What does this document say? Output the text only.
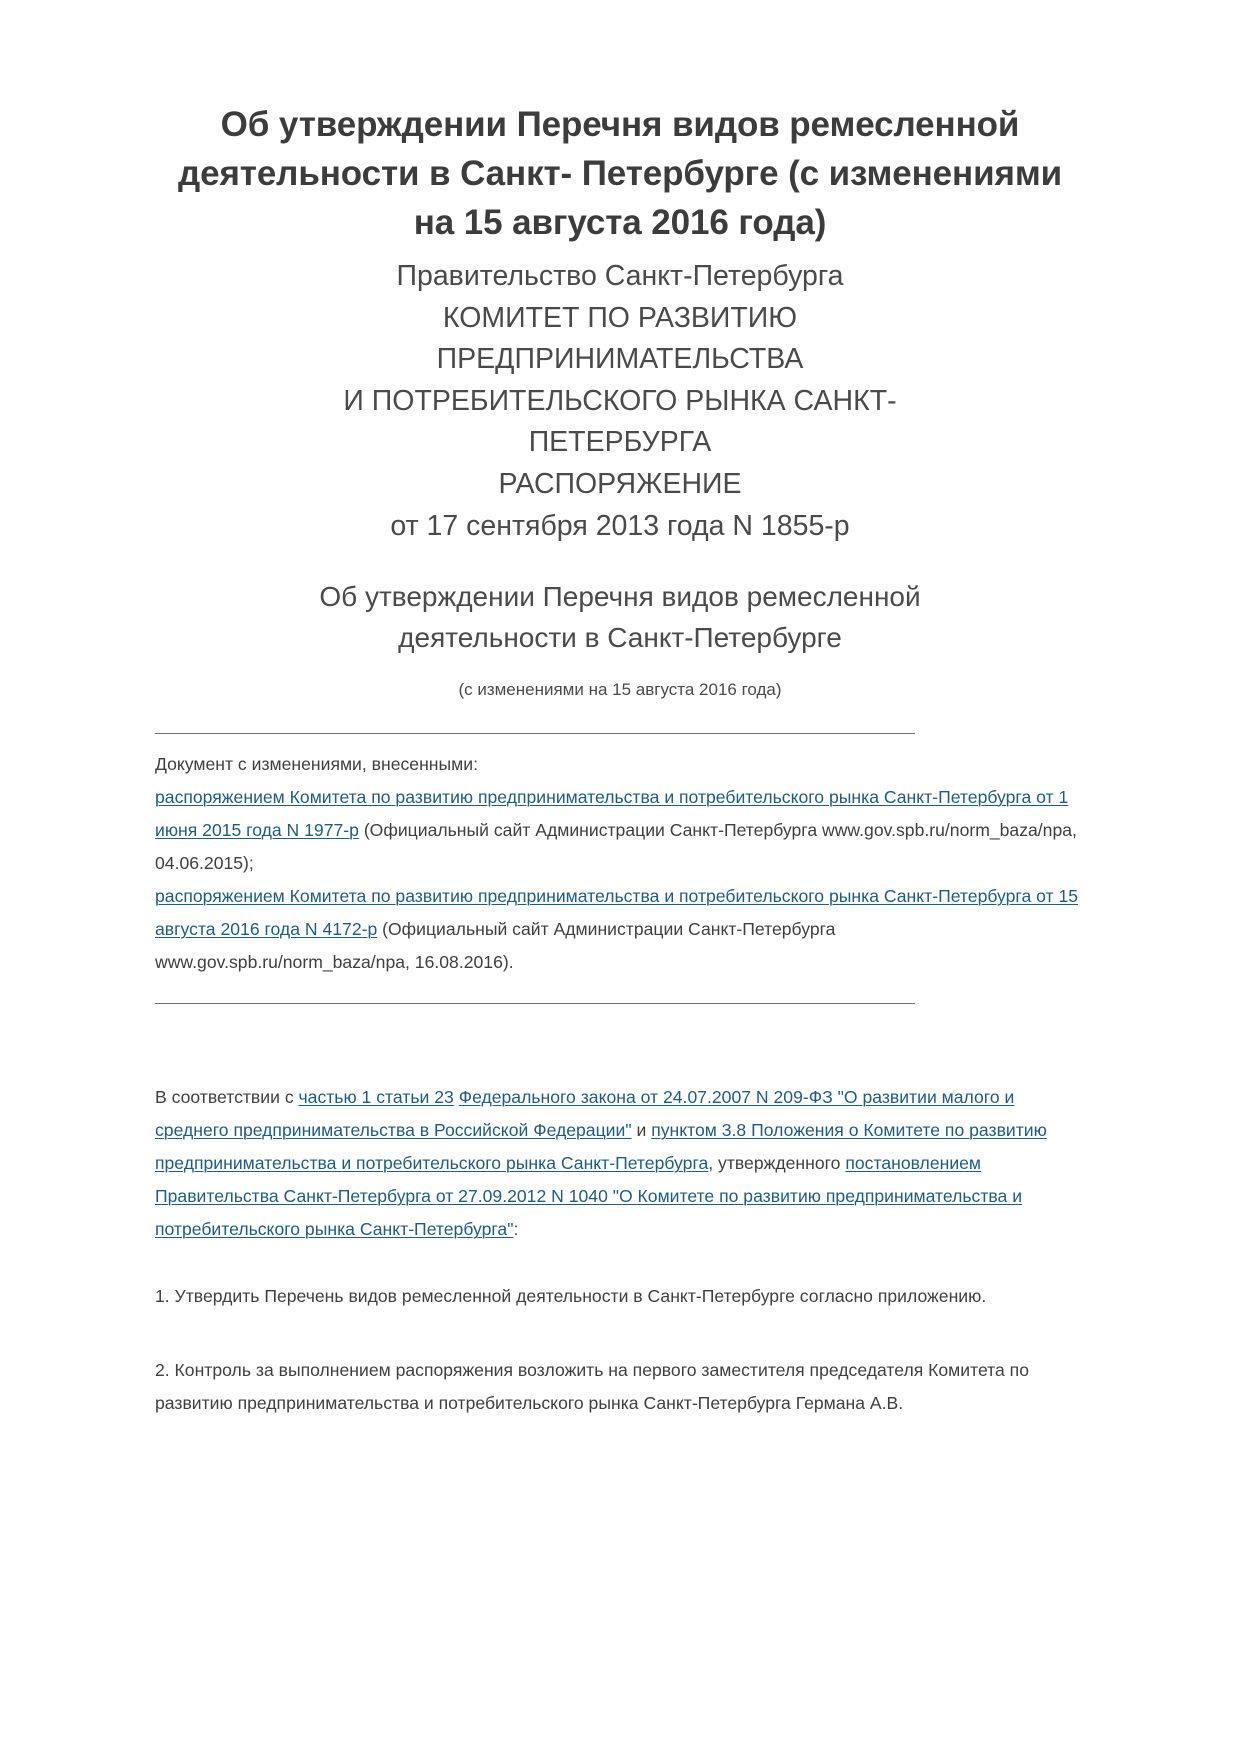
Об утверждении Перечня видов ремесленной деятельности в Санкт- Петербурге (с изменениями на 15 августа 2016 года)
Правительство Санкт-Петербурга
КОМИТЕТ ПО РАЗВИТИЮ
ПРЕДПРИНИМАТЕЛЬСТВА
И ПОТРЕБИТЕЛЬСКОГО РЫНКА САНКТ-
ПЕТЕРБУРГА
РАСПОРЯЖЕНИЕ
от 17 сентября 2013 года N 1855-р
Об утверждении Перечня видов ремесленной
деятельности в Санкт-Петербурге
(с изменениями на 15 августа 2016 года)

Документ с изменениями, внесенными:

распоряжением Комитета по развитию предпринимательства и потребительского рынка Санкт-Петербурга от 1 июня 2015 года N 1977-р (Официальный сайт Администрации Санкт-Петербурга www.gov.spb.ru/norm_baza/npa, 04.06.2015);

распоряжением Комитета по развитию предпринимательства и потребительского рынка Санкт-Петербурга от 15 августа 2016 года N 4172-р (Официальный сайт Администрации Санкт-Петербурга www.gov.spb.ru/norm_baza/npa, 16.08.2016).

В соответствии с частью 1 статьи 23 Федерального закона от 24.07.2007 N 209-ФЗ "О развитии малого и среднего предпринимательства в Российской Федерации" и пунктом 3.8 Положения о Комитете по развитию предпринимательства и потребительского рынка Санкт-Петербурга, утвержденного постановлением Правительства Санкт-Петербурга от 27.09.2012 N 1040 "О Комитете по развитию предпринимательства и потребительского рынка Санкт-Петербурга":

1. Утвердить Перечень видов ремесленной деятельности в Санкт-Петербурге согласно приложению.

2. Контроль за выполнением распоряжения возложить на первого заместителя председателя Комитета по развитию предпринимательства и потребительского рынка Санкт-Петербурга Германа А.В.
